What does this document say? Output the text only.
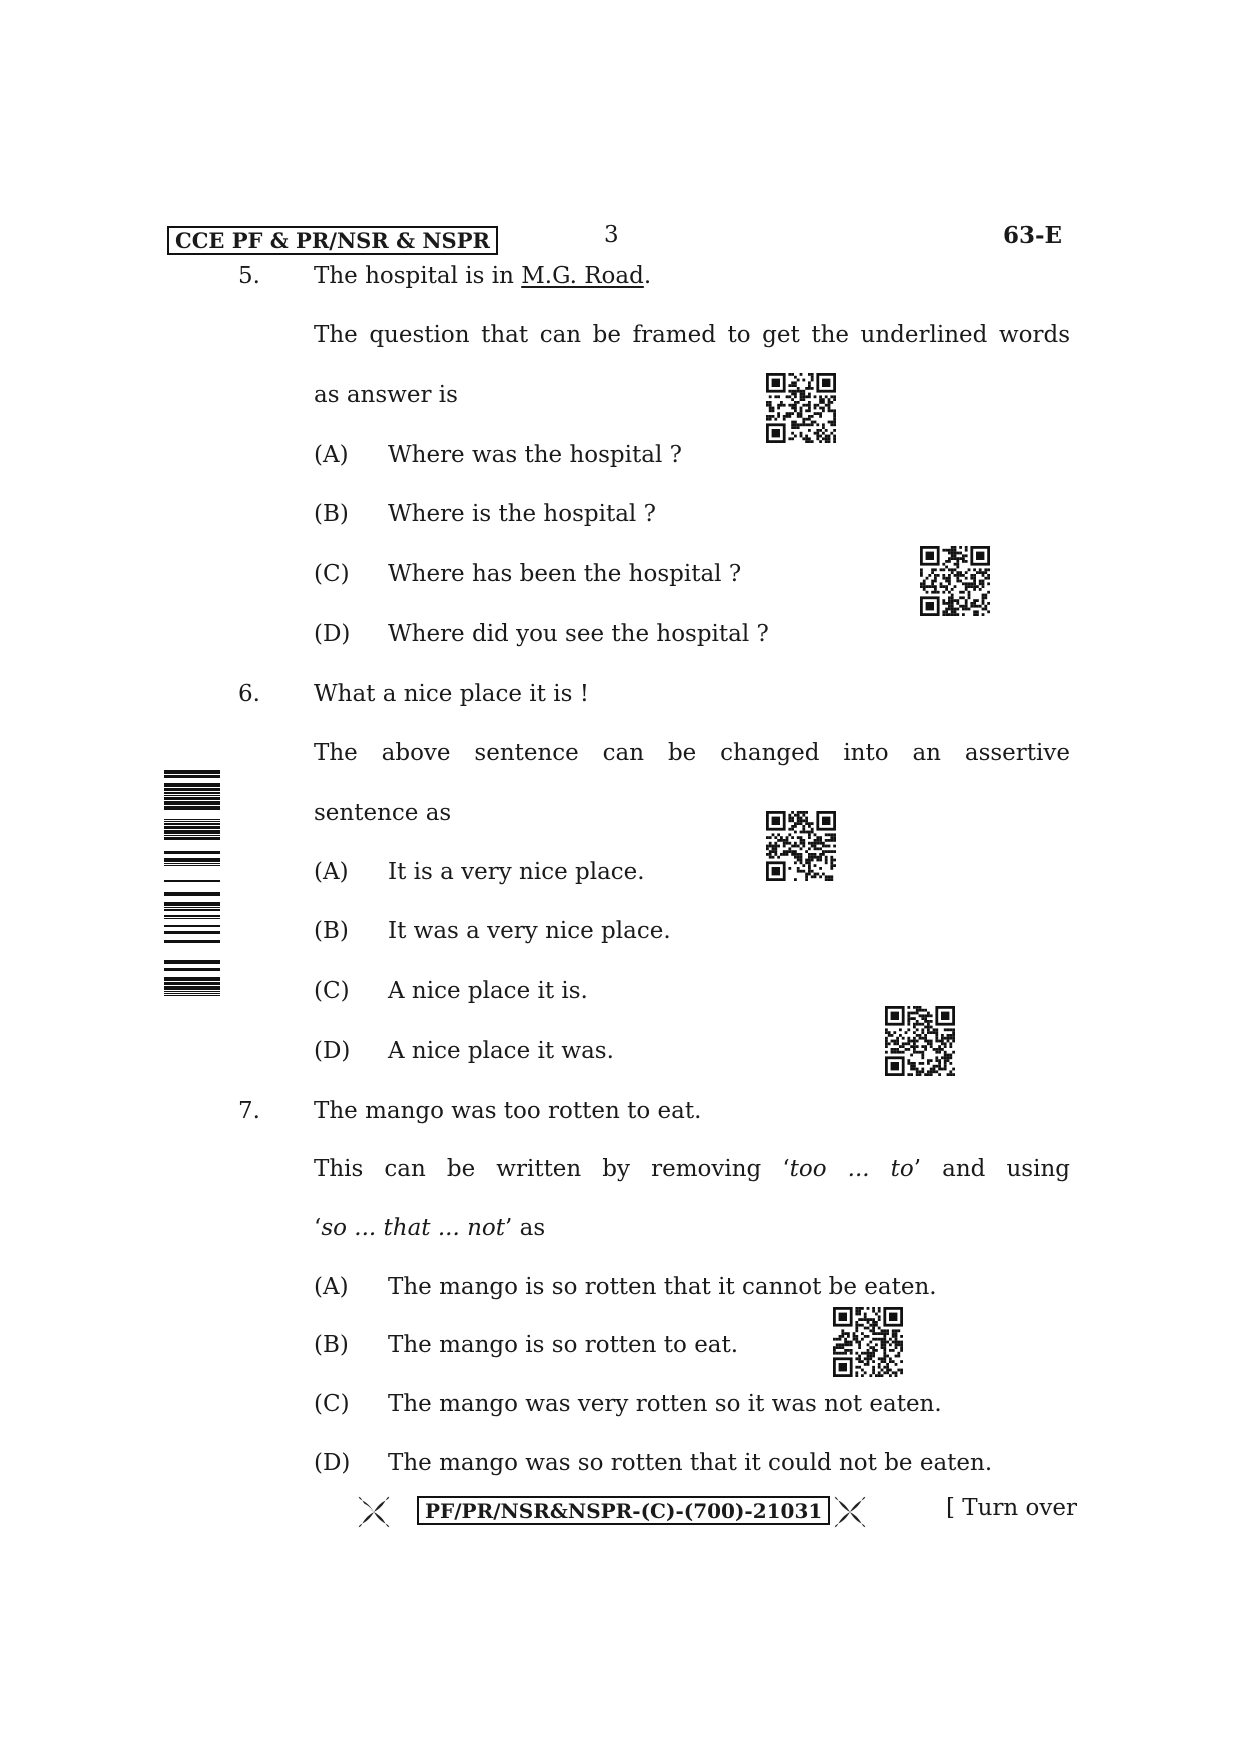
CCE PF & PR/NSR & NSPR	3	63-E
5. The hospital is in M.G. Road.
The question that can be framed to get the underlined words
as answer is
(A) Where was the hospital ?
(B) Where is the hospital ?
(C) Where has been the hospital ?
(D) Where did you see the hospital ?
6. What a nice place it is !
The above sentence can be changed into an assertive
sentence as
(A) It is a very nice place.
(B) It was a very nice place.
(C) A nice place it is.
(D) A nice place it was.
7. The mango was too rotten to eat.
This can be written by removing ‘too ... to’ and using
‘so ... that ... not’ as
(A) The mango is so rotten that it cannot be eaten.
(B) The mango is so rotten to eat.
(C) The mango was very rotten so it was not eaten.
(D) The mango was so rotten that it could not be eaten.
PF/PR/NSR&NSPR-(C)-(700)-21031	[ Turn over
